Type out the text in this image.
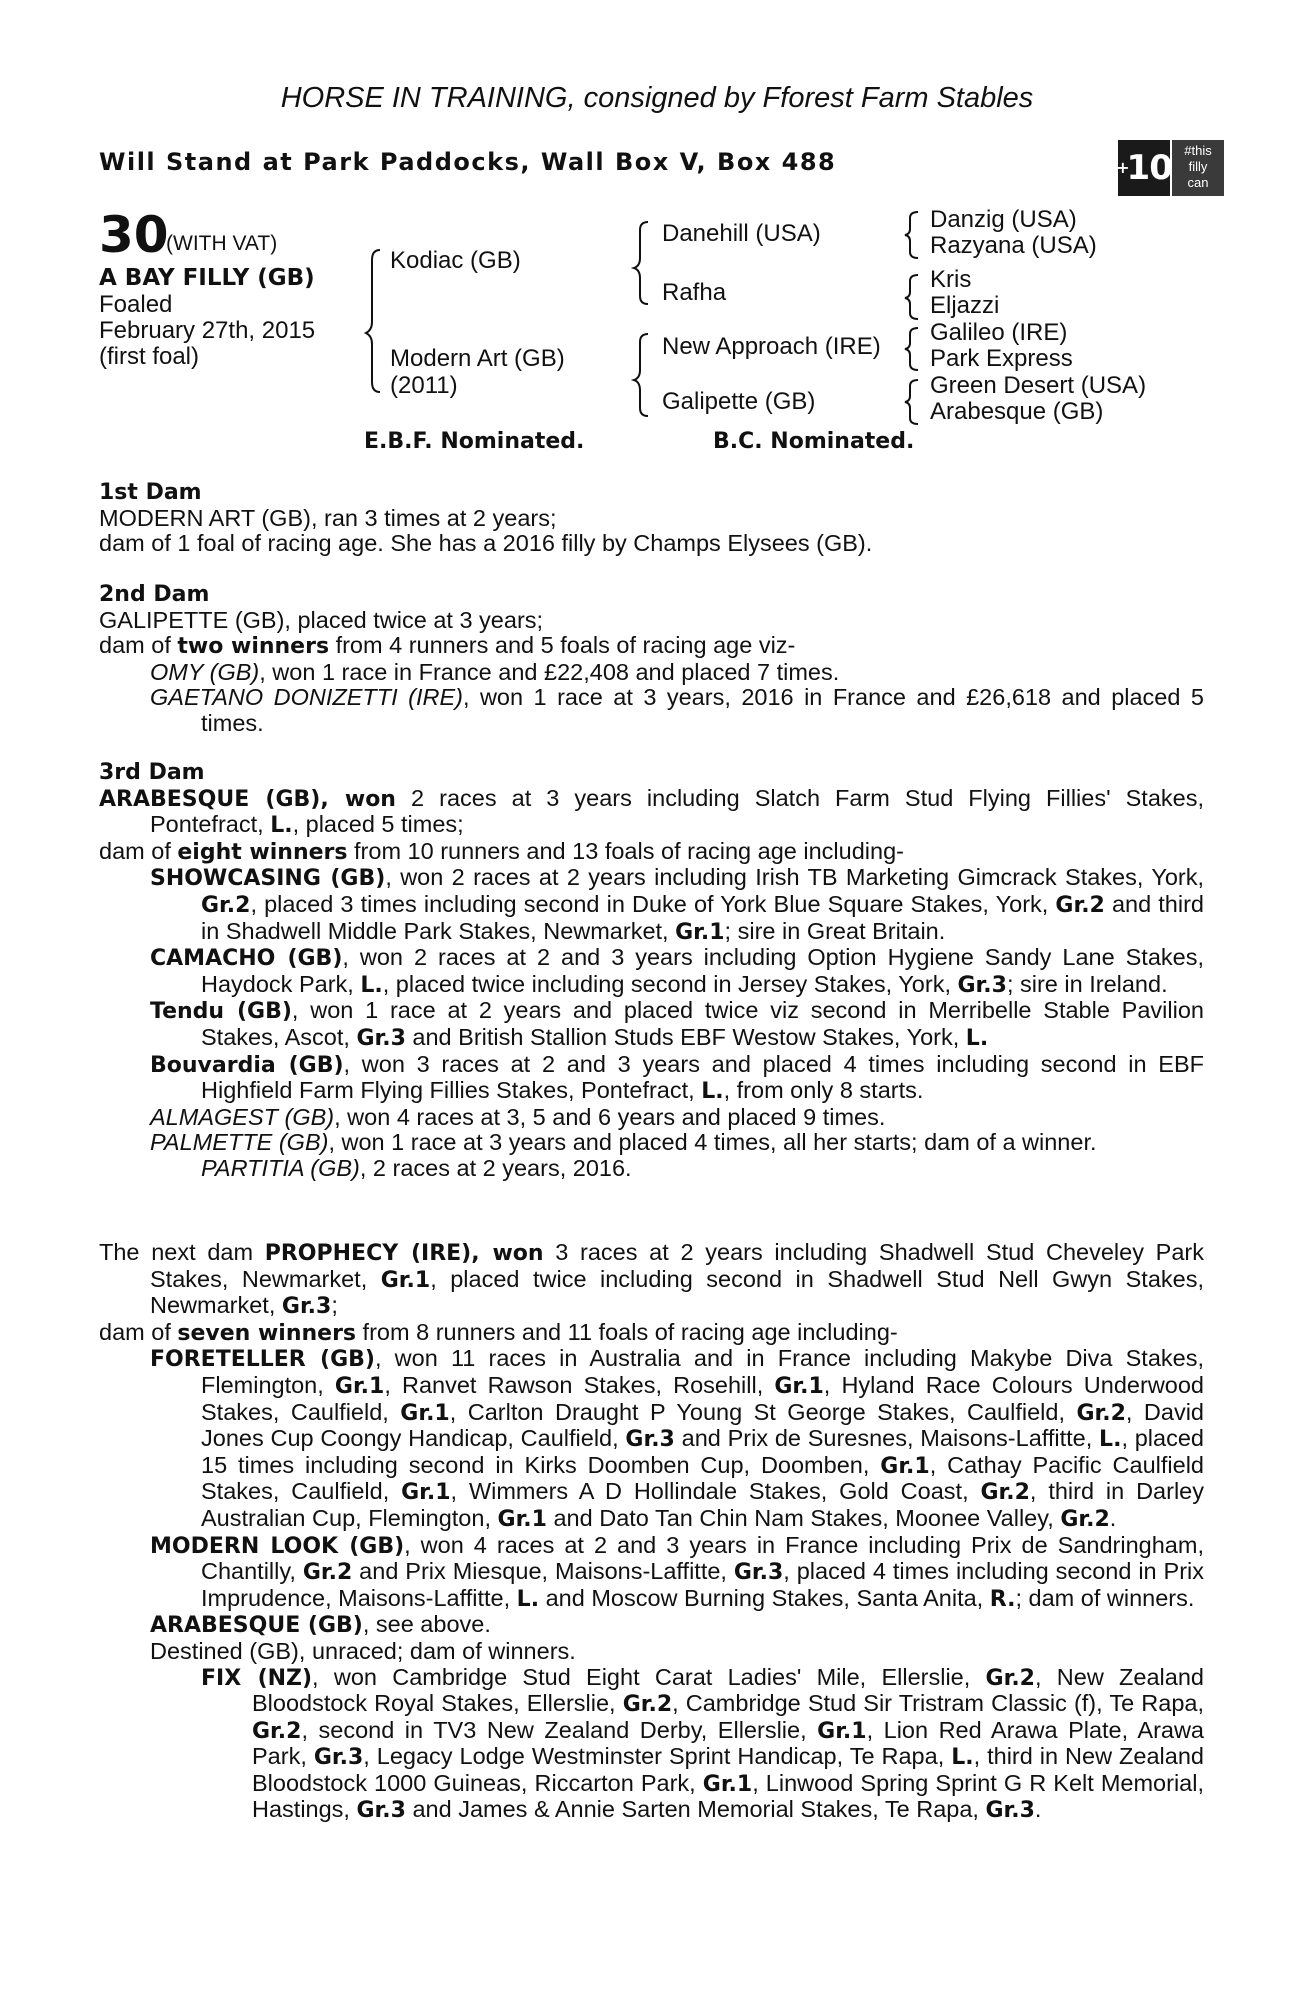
HORSE IN TRAINING, consigned by Fforest Farm Stables
Will Stand at Park Paddocks, Wall Box V, Box 488	+
10 #this
filly
can
30
(WITH VAT)
A BAY FILLY (GB)
Foaled
February 27th, 2015
(first foal)
Kodiac (GB)
Modern Art (GB)
(2011)
Danehill (USA)
Rafha
New Approach (IRE)
Galipette (GB)
Danzig (USA)
Razyana (USA)
Kris
Eljazzi
Galileo (IRE)
Park Express
Green Desert (USA)
Arabesque (GB)
E.B.F. Nominated.	B.C. Nominated.

1st Dam

MODERN ART (GB), ran 3 times at 2 years;

dam of 1 foal of racing age. She has a 2016 filly by Champs Elysees (GB).

2nd Dam

GALIPETTE (GB), placed twice at 3 years;

dam of two winners from 4 runners and 5 foals of racing age viz-

OMY (GB), won 1 race in France and £22,408 and placed 7 times.

GAETANO DONIZETTI (IRE), won 1 race at 3 years, 2016 in France and £26,618 and placed 5 times.

3rd Dam

ARABESQUE (GB), won 2 races at 3 years including Slatch Farm Stud Flying Fillies' Stakes, Pontefract, L., placed 5 times;

dam of eight winners from 10 runners and 13 foals of racing age including-

SHOWCASING (GB), won 2 races at 2 years including Irish TB Marketing Gimcrack Stakes, York, Gr.2, placed 3 times including second in Duke of York Blue Square Stakes, York, Gr.2 and third in Shadwell Middle Park Stakes, Newmarket, Gr.1; sire in Great Britain.

CAMACHO (GB), won 2 races at 2 and 3 years including Option Hygiene Sandy Lane Stakes, Haydock Park, L., placed twice including second in Jersey Stakes, York, Gr.3; sire in Ireland.

Tendu (GB), won 1 race at 2 years and placed twice viz second in Merribelle Stable Pavilion Stakes, Ascot, Gr.3 and British Stallion Studs EBF Westow Stakes, York, L.

Bouvardia (GB), won 3 races at 2 and 3 years and placed 4 times including second in EBF Highfield Farm Flying Fillies Stakes, Pontefract, L., from only 8 starts.

ALMAGEST (GB), won 4 races at 3, 5 and 6 years and placed 9 times.

PALMETTE (GB), won 1 race at 3 years and placed 4 times, all her starts; dam of a winner.

PARTITIA (GB), 2 races at 2 years, 2016.

The next dam PROPHECY (IRE), won 3 races at 2 years including Shadwell Stud Cheveley Park Stakes, Newmarket, Gr.1, placed twice including second in Shadwell Stud Nell Gwyn Stakes, Newmarket, Gr.3;

dam of seven winners from 8 runners and 11 foals of racing age including-

FORETELLER (GB), won 11 races in Australia and in France including Makybe Diva Stakes, Flemington, Gr.1, Ranvet Rawson Stakes, Rosehill, Gr.1, Hyland Race Colours Underwood Stakes, Caulfield, Gr.1, Carlton Draught P Young St George Stakes, Caulfield, Gr.2, David Jones Cup Coongy Handicap, Caulfield, Gr.3 and Prix de Suresnes, Maisons-Laffitte, L., placed 15 times including second in Kirks Doomben Cup, Doomben, Gr.1, Cathay Pacific Caulfield Stakes, Caulfield, Gr.1, Wimmers A D Hollindale Stakes, Gold Coast, Gr.2, third in Darley Australian Cup, Flemington, Gr.1 and Dato Tan Chin Nam Stakes, Moonee Valley, Gr.2.

MODERN LOOK (GB), won 4 races at 2 and 3 years in France including Prix de Sandringham, Chantilly, Gr.2 and Prix Miesque, Maisons-Laffitte, Gr.3, placed 4 times including second in Prix Imprudence, Maisons-Laffitte, L. and Moscow Burning Stakes, Santa Anita, R.; dam of winners.

ARABESQUE (GB), see above.

Destined (GB), unraced; dam of winners.

FIX (NZ), won Cambridge Stud Eight Carat Ladies' Mile, Ellerslie, Gr.2, New Zealand Bloodstock Royal Stakes, Ellerslie, Gr.2, Cambridge Stud Sir Tristram Classic (f), Te Rapa, Gr.2, second in TV3 New Zealand Derby, Ellerslie, Gr.1, Lion Red Arawa Plate, Arawa Park, Gr.3, Legacy Lodge Westminster Sprint Handicap, Te Rapa, L., third in New Zealand Bloodstock 1000 Guineas, Riccarton Park, Gr.1, Linwood Spring Sprint G R Kelt Memorial, Hastings, Gr.3 and James & Annie Sarten Memorial Stakes, Te Rapa, Gr.3.
